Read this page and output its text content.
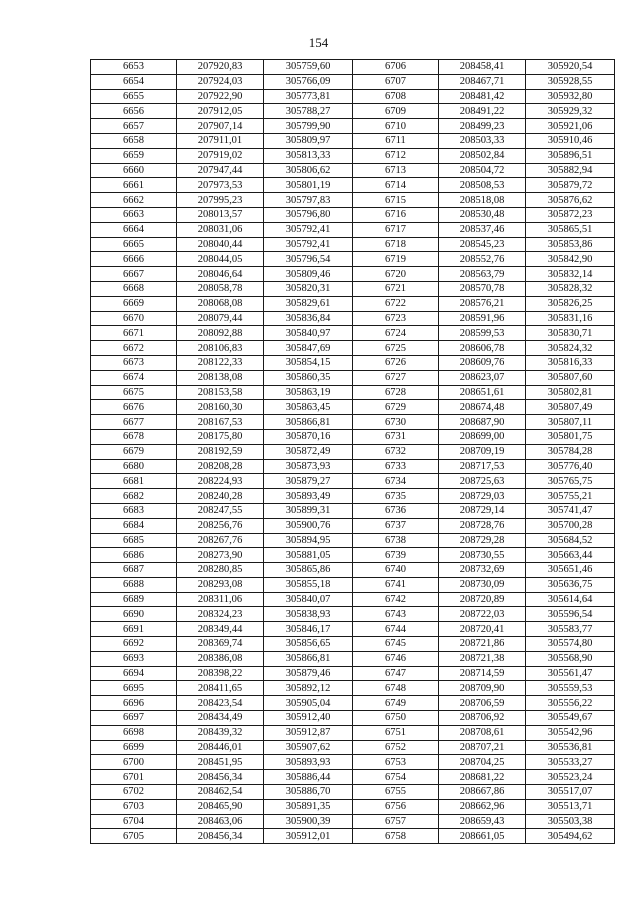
154
6653	207920,83	305759,60	6706	208458,41	305920,54
6654	207924,03	305766,09	6707	208467,71	305928,55
6655	207922,90	305773,81	6708	208481,42	305932,80
6656	207912,05	305788,27	6709	208491,22	305929,32
6657	207907,14	305799,90	6710	208499,23	305921,06
6658	207911,01	305809,97	6711	208503,33	305910,46
6659	207919,02	305813,33	6712	208502,84	305896,51
6660	207947,44	305806,62	6713	208504,72	305882,94
6661	207973,53	305801,19	6714	208508,53	305879,72
6662	207995,23	305797,83	6715	208518,08	305876,62
6663	208013,57	305796,80	6716	208530,48	305872,23
6664	208031,06	305792,41	6717	208537,46	305865,51
6665	208040,44	305792,41	6718	208545,23	305853,86
6666	208044,05	305796,54	6719	208552,76	305842,90
6667	208046,64	305809,46	6720	208563,79	305832,14
6668	208058,78	305820,31	6721	208570,78	305828,32
6669	208068,08	305829,61	6722	208576,21	305826,25
6670	208079,44	305836,84	6723	208591,96	305831,16
6671	208092,88	305840,97	6724	208599,53	305830,71
6672	208106,83	305847,69	6725	208606,78	305824,32
6673	208122,33	305854,15	6726	208609,76	305816,33
6674	208138,08	305860,35	6727	208623,07	305807,60
6675	208153,58	305863,19	6728	208651,61	305802,81
6676	208160,30	305863,45	6729	208674,48	305807,49
6677	208167,53	305866,81	6730	208687,90	305807,11
6678	208175,80	305870,16	6731	208699,00	305801,75
6679	208192,59	305872,49	6732	208709,19	305784,28
6680	208208,28	305873,93	6733	208717,53	305776,40
6681	208224,93	305879,27	6734	208725,63	305765,75
6682	208240,28	305893,49	6735	208729,03	305755,21
6683	208247,55	305899,31	6736	208729,14	305741,47
6684	208256,76	305900,76	6737	208728,76	305700,28
6685	208267,76	305894,95	6738	208729,28	305684,52
6686	208273,90	305881,05	6739	208730,55	305663,44
6687	208280,85	305865,86	6740	208732,69	305651,46
6688	208293,08	305855,18	6741	208730,09	305636,75
6689	208311,06	305840,07	6742	208720,89	305614,64
6690	208324,23	305838,93	6743	208722,03	305596,54
6691	208349,44	305846,17	6744	208720,41	305583,77
6692	208369,74	305856,65	6745	208721,86	305574,80
6693	208386,08	305866,81	6746	208721,38	305568,90
6694	208398,22	305879,46	6747	208714,59	305561,47
6695	208411,65	305892,12	6748	208709,90	305559,53
6696	208423,54	305905,04	6749	208706,59	305556,22
6697	208434,49	305912,40	6750	208706,92	305549,67
6698	208439,32	305912,87	6751	208708,61	305542,96
6699	208446,01	305907,62	6752	208707,21	305536,81
6700	208451,95	305893,93	6753	208704,25	305533,27
6701	208456,34	305886,44	6754	208681,22	305523,24
6702	208462,54	305886,70	6755	208667,86	305517,07
6703	208465,90	305891,35	6756	208662,96	305513,71
6704	208463,06	305900,39	6757	208659,43	305503,38
6705	208456,34	305912,01	6758	208661,05	305494,62
